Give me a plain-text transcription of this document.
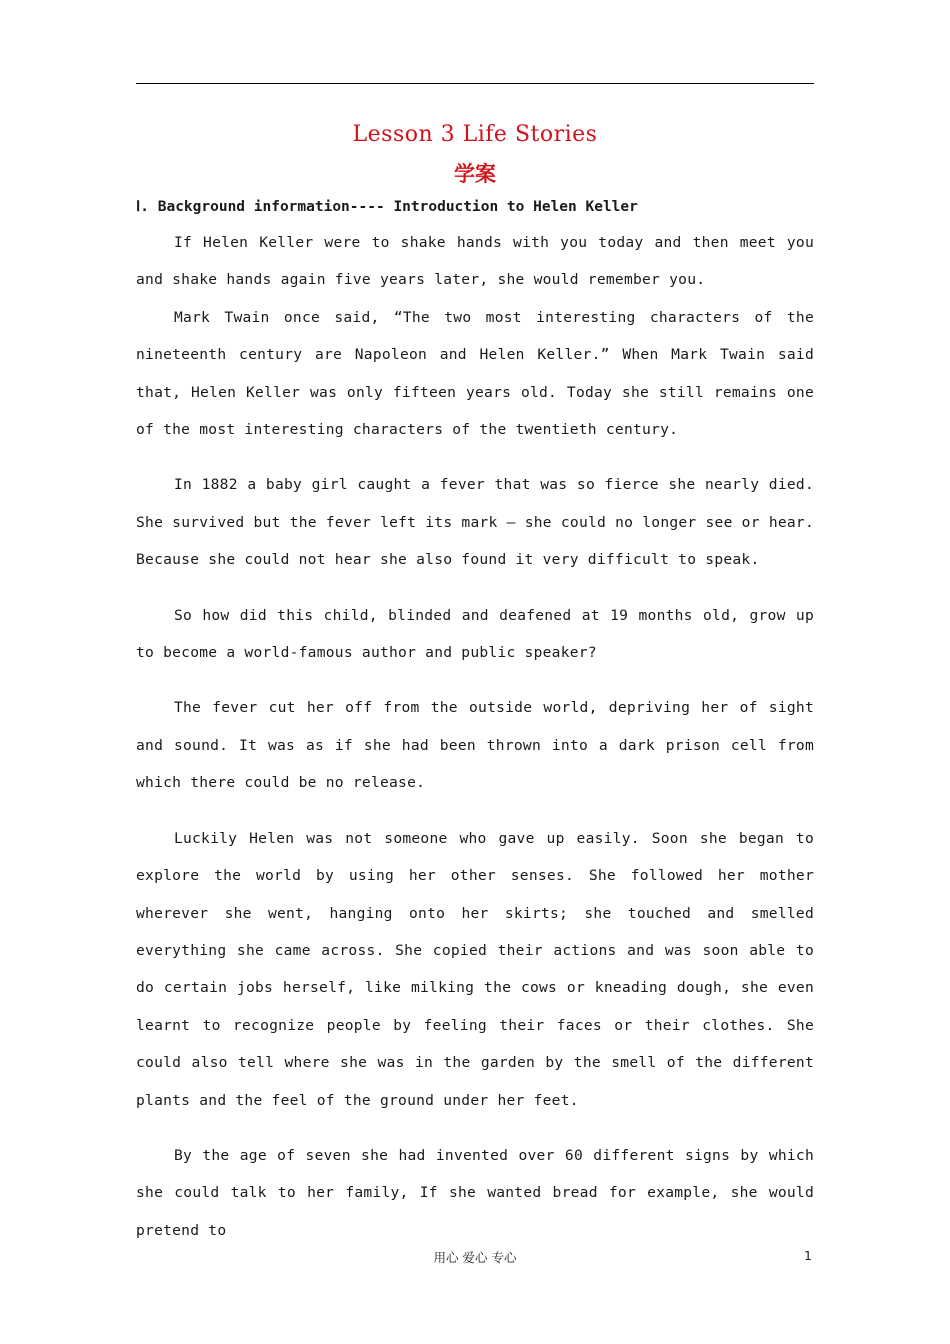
Lesson 3 Life Stories
学案
Ⅰ. Background information---- Introduction to Helen Keller

If Helen Keller were to shake hands with you today and then meet you and shake hands again five years later, she would remember you.

Mark Twain once said, “The two most interesting characters of the nineteenth century are Napoleon and Helen Keller.” When Mark Twain said that, Helen Keller was only fifteen years old. Today she still remains one of the most interesting characters of the twentieth century.

In 1882 a baby girl caught a fever that was so fierce she nearly died. She survived but the fever left its mark — she could no longer see or hear. Because she could not hear she also found it very difficult to speak.

So how did this child, blinded and deafened at 19 months old, grow up to become a world-famous author and public speaker?

The fever cut her off from the outside world, depriving her of sight and sound. It was as if she had been thrown into a dark prison cell from which there could be no release.

Luckily Helen was not someone who gave up easily. Soon she began to explore the world by using her other senses. She followed her mother wherever she went, hanging onto her skirts; she touched and smelled everything she came across. She copied their actions and was soon able to do certain jobs herself, like milking the cows or kneading dough, she even learnt to recognize people by feeling their faces or their clothes. She could also tell where she was in the garden by the smell of the different plants and the feel of the ground under her feet.

By the age of seven she had invented over 60 different signs by which she could talk to her family, If she wanted bread for example, she would pretend to

用心 爱心 专心	1
